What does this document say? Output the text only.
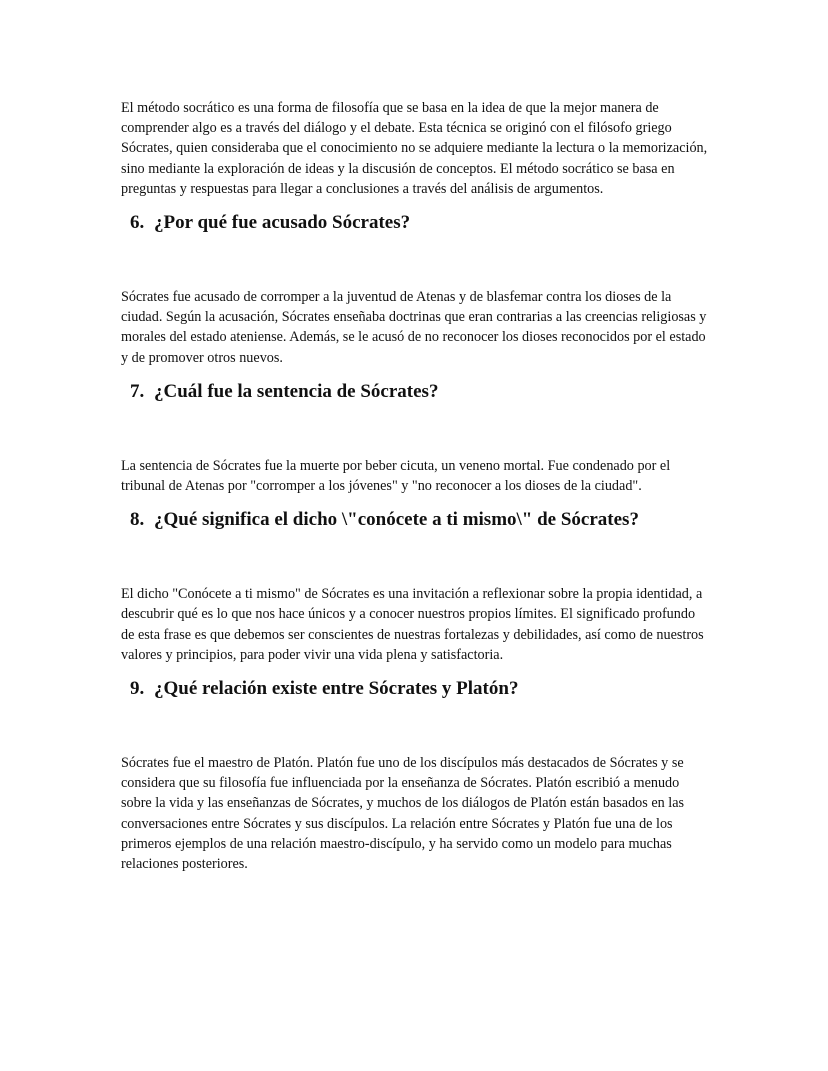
El método socrático es una forma de filosofía que se basa en la idea de que la mejor manera de comprender algo es a través del diálogo y el debate. Esta técnica se originó con el filósofo griego Sócrates, quien consideraba que el conocimiento no se adquiere mediante la lectura o la memorización, sino mediante la exploración de ideas y la discusión de conceptos. El método socrático se basa en preguntas y respuestas para llegar a conclusiones a través del análisis de argumentos.

6. ¿Por qué fue acusado Sócrates?

Sócrates fue acusado de corromper a la juventud de Atenas y de blasfemar contra los dioses de la ciudad. Según la acusación, Sócrates enseñaba doctrinas que eran contrarias a las creencias religiosas y morales del estado ateniense. Además, se le acusó de no reconocer los dioses reconocidos por el estado y de promover otros nuevos.

7. ¿Cuál fue la sentencia de Sócrates?

La sentencia de Sócrates fue la muerte por beber cicuta, un veneno mortal. Fue condenado por el tribunal de Atenas por "corromper a los jóvenes" y "no reconocer a los dioses de la ciudad".

8. ¿Qué significa el dicho \"conócete a ti mismo\" de Sócrates?

El dicho "Conócete a ti mismo" de Sócrates es una invitación a reflexionar sobre la propia identidad, a descubrir qué es lo que nos hace únicos y a conocer nuestros propios límites. El significado profundo de esta frase es que debemos ser conscientes de nuestras fortalezas y debilidades, así como de nuestros valores y principios, para poder vivir una vida plena y satisfactoria.

9. ¿Qué relación existe entre Sócrates y Platón?

Sócrates fue el maestro de Platón. Platón fue uno de los discípulos más destacados de Sócrates y se considera que su filosofía fue influenciada por la enseñanza de Sócrates. Platón escribió a menudo sobre la vida y las enseñanzas de Sócrates, y muchos de los diálogos de Platón están basados en las conversaciones entre Sócrates y sus discípulos. La relación entre Sócrates y Platón fue una de los primeros ejemplos de una relación maestro-discípulo, y ha servido como un modelo para muchas relaciones posteriores.
